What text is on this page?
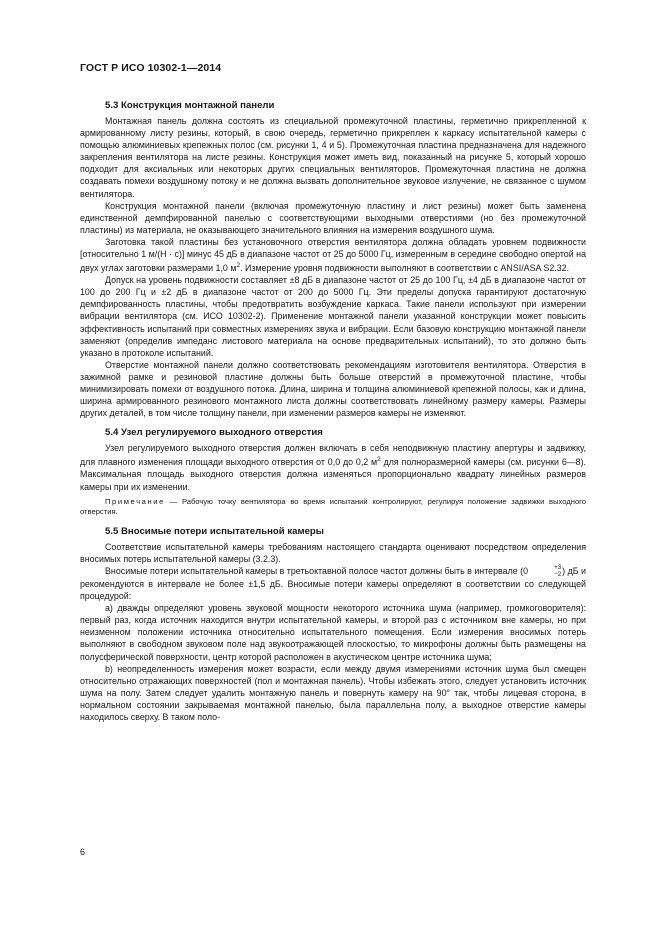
ГОСТ Р ИСО 10302-1—2014
5.3 Конструкция монтажной панели

Монтажная панель должна состоять из специальной промежуточной пластины, герметично прикрепленной к армированному листу резины, который, в свою очередь, герметично прикреплен к каркасу испытательной камеры с помощью алюминиевых крепежных полос (см. рисунки 1, 4 и 5). Промежуточная пластина предназначена для надежного закрепления вентилятора на листе резины. Конструкция может иметь вид, показанный на рисунке 5, который хорошо подходит для аксиальных или некоторых других специальных вентиляторов. Промежуточная пластина не должна создавать помехи воздушному потоку и не должна вызвать дополнительное звуковое излучение, не связанное с шумом вентилятора.

Конструкция монтажной панели (включая промежуточную пластину и лист резины) может быть заменена единственной демпфированной панелью с соответствующими выходными отверстиями (но без промежуточной пластины) из материала, не оказывающего значительного влияния на измерения воздушного шума.

Заготовка такой пластины без установочного отверстия вентилятора должна обладать уровнем подвижности [относительно 1 м/(Н · с)] минус 45 дБ в диапазоне частот от 25 до 5000 Гц, измеренным в середине свободно опертой на двух углах заготовки размерами 1,0 $м^2$. Измерение уровня подвижности выполняют в соответствии с ANSI/ASA S2.32.

Допуск на уровень подвижности составляет ±8 дБ в диапазоне частот от 25 до 100 Гц, ±4 дБ в диапазоне частот от 100 до 200 Гц и ±2 дБ в диапазоне частот от 200 до 5000 Гц. Эти пределы допуска гарантируют достаточную демпфированность пластины, чтобы предотвратить возбуждение каркаса. Такие панели используют при измерении вибрации вентилятора (см. ИСО 10302-2). Применение монтажной панели указанной конструкции может повысить эффективность испытаний при совместных измерениях звука и вибрации. Если базовую конструкцию монтажной панели заменяют (определив импеданс листового материала на основе предварительных испытаний), то это должно быть указано в протоколе испытаний.

Отверстие монтажной панели должно соответствовать рекомендациям изготовителя вентилятора. Отверстия в зажимной рамке и резиновой пластине должны быть больше отверстий в промежуточной пластине, чтобы минимизировать помехи от воздушного потока. Длина, ширина и толщина алюминиевой крепежной полосы, как и длина, ширина армированного резинового монтажного листа должны соответствовать линейному размеру камеры. Размеры других деталей, в том числе толщину панели, при изменении размеров камеры не изменяют.

5.4 Узел регулируемого выходного отверстия

Узел регулируемого выходного отверстия должен включать в себя неподвижную пластину апертуры и задвижку, для плавного изменения площади выходного отверстия от 0,0 до 0,2 $м^2$ для полноразмерной камеры (см. рисунки 6—8). Максимальная площадь выходного отверстия должна изменяться пропорционально квадрату линейных размеров камеры при их изменении.

Примечание — Рабочую точку вентилятора во время испытаний контролируют, регулируя положение задвижки выходного отверстия.

5.5 Вносимые потери испытательной камеры

Соответствие испытательной камеры требованиям настоящего стандарта оценивают посредством определения вносимых потерь испытательной камеры (3.2.3).

Вносимые потери испытательной камеры в третьоктавной полосе частот должны быть в интервале (0	+3
−2 ) дБ и рекомендуются в интервале не более ±1,5 дБ. Вносимые потери камеры определяют в соответствии со следующей процедурой:

a) дважды определяют уровень звуковой мощности некоторого источника шума (например, громкоговорителя): первый раз, когда источник находится внутри испытательной камеры, и второй раз с источником вне камеры, но при неизменном положении источника относительно испытательного помещения. Если измерения вносимых потерь выполняют в свободном звуковом поле над звукоотражающей плоскостью, то микрофоны должны быть размещены на полусферической поверхности, центр которой расположен в акустическом центре источника шума;

b) неопределенность измерения может возрасти, если между двумя измерениями источник шума был смещен относительно отражающих поверхностей (пол и монтажная панель). Чтобы избежать этого, следует установить источник шума на полу. Затем следует удалить монтажную панель и повернуть камеру на 90° так, чтобы лицевая сторона, в нормальном состоянии закрываемая монтажной панелью, была параллельна полу, а выходное отверстие камеры находилось сверху. В таком поло-

6
